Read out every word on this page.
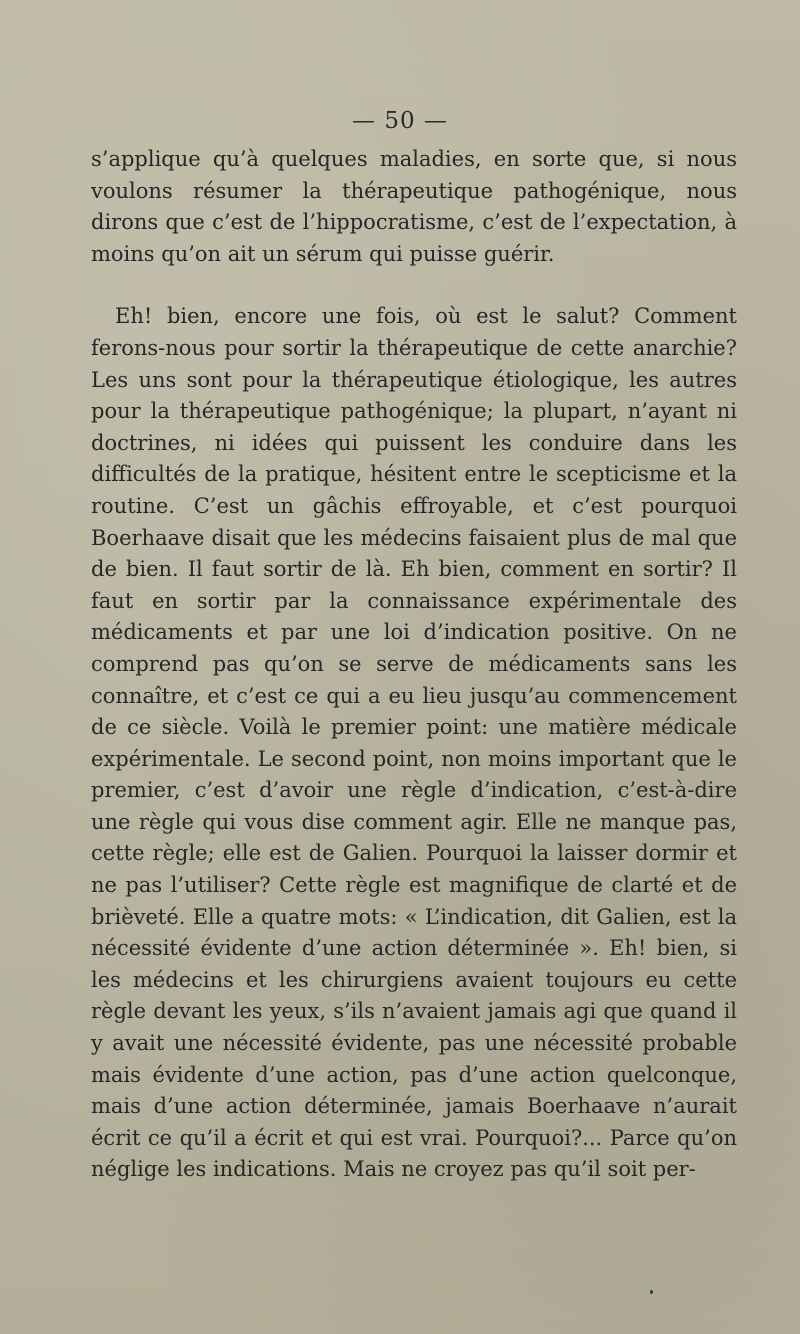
— 50 —

s’applique qu’à quelques maladies, en sorte que, si nous voulons résumer la thérapeutique pathogénique, nous dirons que c’est de l’hippocratisme, c’est de l’expectation, à moins qu’on ait un sérum qui puisse guérir.

Eh! bien, encore une fois, où est le salut? Comment ferons-nous pour sortir la thérapeutique de cette anarchie? Les uns sont pour la thérapeutique étiologique, les autres pour la thérapeutique pathogénique; la plupart, n’ayant ni doctrines, ni idées qui puissent les conduire dans les difficultés de la pratique, hésitent entre le scepticisme et la routine. C’est un gâchis effroyable, et c’est pourquoi Boerhaave disait que les médecins faisaient plus de mal que de bien. Il faut sortir de là. Eh bien, comment en sortir? Il faut en sortir par la connaissance expérimentale des médicaments et par une loi d’indication positive. On ne comprend pas qu’on se serve de médicaments sans les connaître, et c’est ce qui a eu lieu jusqu’au commencement de ce siècle. Voilà le premier point: une matière médicale expérimentale. Le second point, non moins important que le premier, c’est d’avoir une règle d’indication, c’est-à-dire une règle qui vous dise comment agir. Elle ne manque pas, cette règle; elle est de Galien. Pourquoi la laisser dormir et ne pas l’utiliser? Cette règle est magnifique de clarté et de brièveté. Elle a quatre mots: « L’indication, dit Galien, est la nécessité évidente d’une action déterminée ». Eh! bien, si les médecins et les chirurgiens avaient toujours eu cette règle devant les yeux, s’ils n’avaient jamais agi que quand il y avait une nécessité évidente, pas une nécessité probable mais évidente d’une action, pas d’une action quelconque, mais d’une action déterminée, jamais Boerhaave n’aurait écrit ce qu’il a écrit et qui est vrai. Pourquoi?... Parce qu’on néglige les indications. Mais ne croyez pas qu’il soit per-
